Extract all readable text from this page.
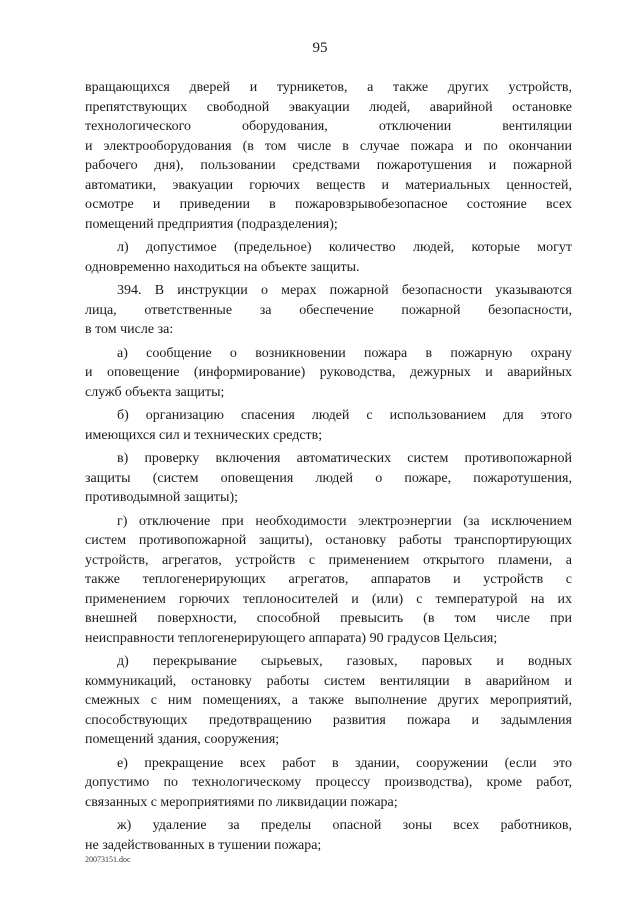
95
вращающихся дверей и турникетов, а также других устройств,
препятствующих свободной эвакуации людей, аварийной остановке
технологического оборудования, отключении вентиляции
и электрооборудования (в том числе в случае пожара и по окончании
рабочего дня), пользовании средствами пожаротушения и пожарной
автоматики, эвакуации горючих веществ и материальных ценностей,
осмотре и приведении в пожаровзрывобезопасное состояние всех
помещений предприятия (подразделения);
л) допустимое (предельное) количество людей, которые могут
одновременно находиться на объекте защиты.
394. В инструкции о мерах пожарной безопасности указываются
лица, ответственные за обеспечение пожарной безопасности,
в том числе за:
а) сообщение о возникновении пожара в пожарную охрану
и оповещение (информирование) руководства, дежурных и аварийных
служб объекта защиты;
б) организацию спасения людей с использованием для этого
имеющихся сил и технических средств;
в) проверку включения автоматических систем противопожарной
защиты (систем оповещения людей о пожаре, пожаротушения,
противодымной защиты);
г) отключение при необходимости электроэнергии (за исключением
систем противопожарной защиты), остановку работы транспортирующих
устройств, агрегатов, устройств с применением открытого пламени, а
также теплогенерирующих агрегатов, аппаратов и устройств с
применением горючих теплоносителей и (или) с температурой на их
внешней поверхности, способной превысить (в том числе при
неисправности теплогенерирующего аппарата) 90 градусов Цельсия;
д) перекрывание сырьевых, газовых, паровых и водных
коммуникаций, остановку работы систем вентиляции в аварийном и
смежных с ним помещениях, а также выполнение других мероприятий,
способствующих предотвращению развития пожара и задымления
помещений здания, сооружения;
е) прекращение всех работ в здании, сооружении (если это
допустимо по технологическому процессу производства), кроме работ,
связанных с мероприятиями по ликвидации пожара;
ж) удаление за пределы опасной зоны всех работников,
не задействованных в тушении пожара;
20073151.doc
